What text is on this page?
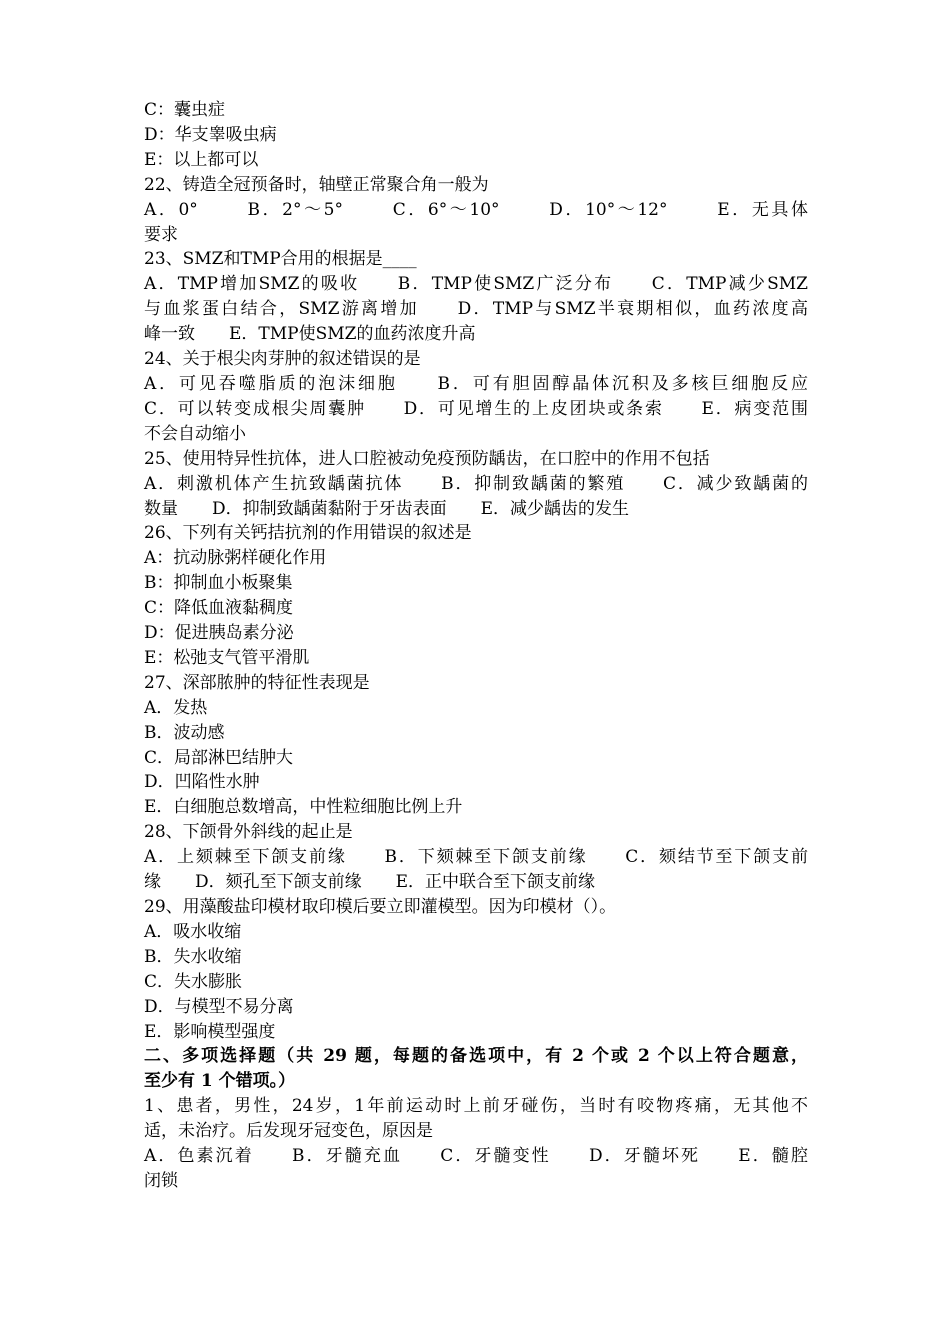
C：囊虫症
D：华支睾吸虫病
E：以上都可以
22、铸造全冠预备时，轴壁正常聚合角一般为
A．0°　　 B．2°～5°　　 C．6°～10°　　 D．10°～12°　　 E．无具体
要求
23、SMZ和TMP合用的根据是____
A．TMP增加SMZ的吸收　　B．TMP使SMZ广泛分布　　C．TMP减少SMZ
与血浆蛋白结合，SMZ游离增加　　D．TMP与SMZ半衰期相似，血药浓度高
峰一致　　E．TMP使SMZ的血药浓度升高
24、关于根尖肉芽肿的叙述错误的是
A．可见吞噬脂质的泡沫细胞　　B．可有胆固醇晶体沉积及多核巨细胞反应
C．可以转变成根尖周囊肿　　D．可见增生的上皮团块或条索　　E．病变范围
不会自动缩小
25、使用特异性抗体，进人口腔被动免疫预防龋齿，在口腔中的作用不包括
A．刺激机体产生抗致龋菌抗体　　B．抑制致龋菌的繁殖　　C．减少致龋菌的
数量　　D．抑制致龋菌黏附于牙齿表面　　E．减少龋齿的发生
26、下列有关钙拮抗剂的作用错误的叙述是
A：抗动脉粥样硬化作用
B：抑制血小板聚集
C：降低血液黏稠度
D：促进胰岛素分泌
E：松弛支气管平滑肌
27、深部脓肿的特征性表现是
A．发热
B．波动感
C．局部淋巴结肿大
D．凹陷性水肿
E．白细胞总数增高，中性粒细胞比例上升
28、下颌骨外斜线的起止是
A．上颏棘至下颌支前缘　　B．下颏棘至下颌支前缘　　C．颏结节至下颌支前
缘　　D．颏孔至下颌支前缘　　E．正中联合至下颌支前缘
29、用藻酸盐印模材取印模后要立即灌模型。因为印模材（）。
A．吸水收缩
B．失水收缩
C．失水膨胀
D．与模型不易分离
E．影响模型强度
二、多项选择题（共 29 题，每题的备选项中，有 2 个或 2 个以上符合题意，
至少有 1 个错项。）
1、患者，男性，24岁，1年前运动时上前牙碰伤，当时有咬物疼痛，无其他不
适，未治疗。后发现牙冠变色，原因是
A．色素沉着　　B．牙髓充血　　C．牙髓变性　　D．牙髓坏死　　E．髓腔
闭锁
